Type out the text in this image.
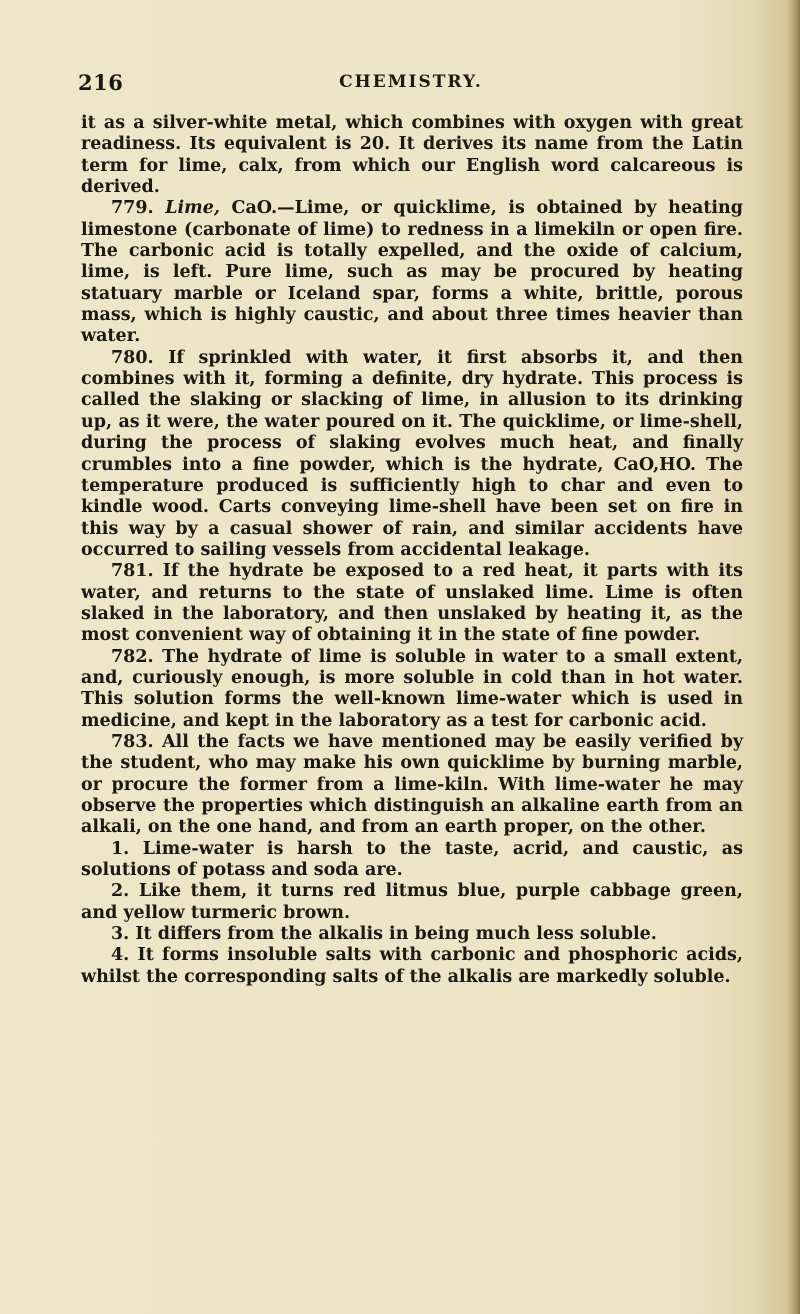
216	CHEMISTRY.

it as a silver-white metal, which combines with oxygen with great readiness. Its equivalent is 20. It derives its name from the Latin term for lime, calx, from which our English word calcareous is derived.

779. Lime, CaO.—Lime, or quicklime, is obtained by heating limestone (carbonate of lime) to redness in a limekiln or open fire. The carbonic acid is totally expelled, and the oxide of calcium, lime, is left. Pure lime, such as may be procured by heating statuary marble or Iceland spar, forms a white, brittle, porous mass, which is highly caustic, and about three times heavier than water.

780. If sprinkled with water, it first absorbs it, and then combines with it, forming a definite, dry hydrate. This process is called the slaking or slacking of lime, in allusion to its drinking up, as it were, the water poured on it. The quicklime, or lime-shell, during the process of slaking evolves much heat, and finally crumbles into a fine powder, which is the hydrate, CaO,HO. The temperature produced is sufficiently high to char and even to kindle wood. Carts conveying lime-shell have been set on fire in this way by a casual shower of rain, and similar accidents have occurred to sailing vessels from accidental leakage.

781. If the hydrate be exposed to a red heat, it parts with its water, and returns to the state of unslaked lime. Lime is often slaked in the laboratory, and then unslaked by heating it, as the most convenient way of obtaining it in the state of fine powder.

782. The hydrate of lime is soluble in water to a small extent, and, curiously enough, is more soluble in cold than in hot water. This solution forms the well-known lime-water which is used in medicine, and kept in the laboratory as a test for carbonic acid.

783. All the facts we have mentioned may be easily verified by the student, who may make his own quicklime by burning marble, or procure the former from a lime-kiln. With lime-water he may observe the properties which distinguish an alkaline earth from an alkali, on the one hand, and from an earth proper, on the other.

1. Lime-water is harsh to the taste, acrid, and caustic, as solutions of potass and soda are.

2. Like them, it turns red litmus blue, purple cabbage green, and yellow turmeric brown.

3. It differs from the alkalis in being much less soluble.

4. It forms insoluble salts with carbonic and phosphoric acids, whilst the corresponding salts of the alkalis are markedly soluble.
